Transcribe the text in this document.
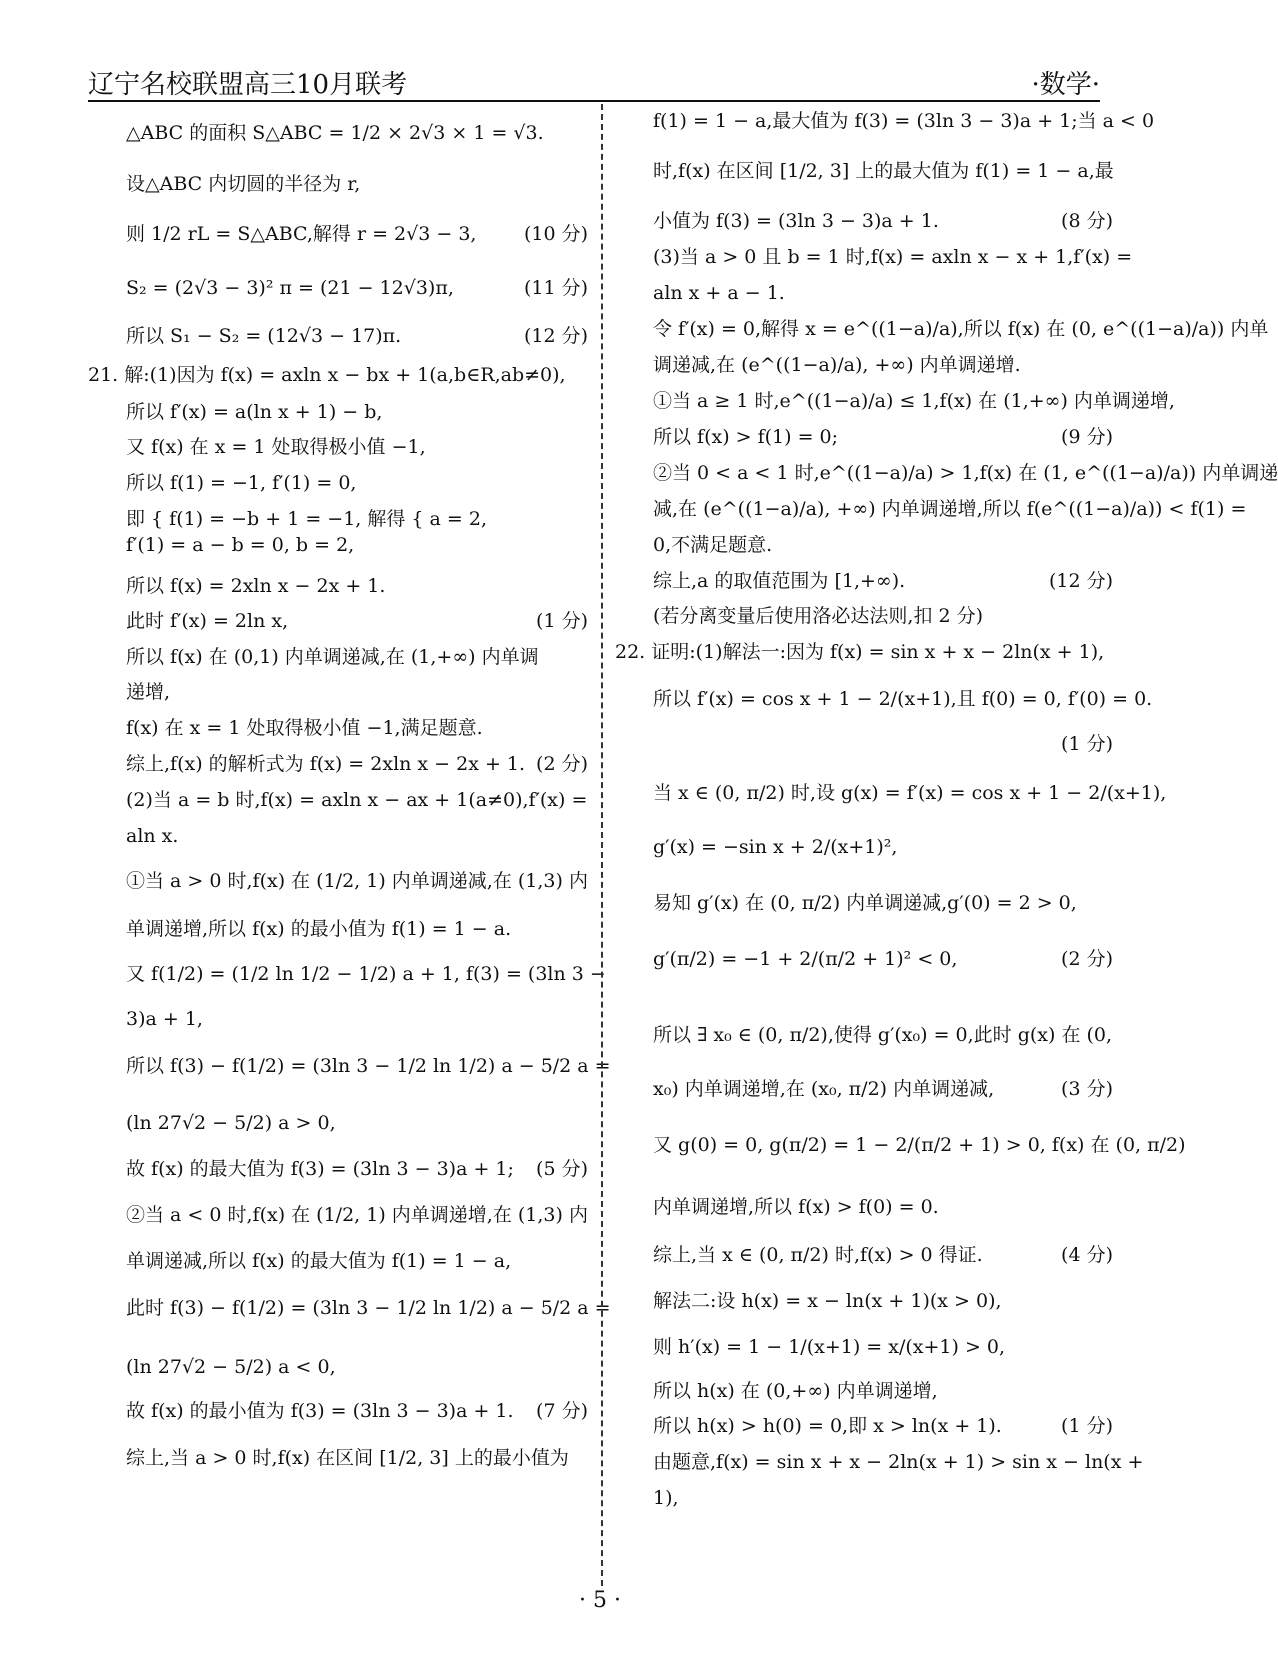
辽宁名校联盟高三10月联考	·数学·
△ABC 的面积 S△ABC = 1/2 × 2√3 × 1 = √3.
设△ABC 内切圆的半径为 r,
则 1/2 rL = S△ABC,解得 r = 2√3 − 3,	(10 分)
S₂ = (2√3 − 3)² π = (21 − 12√3)π,	(11 分)
所以 S₁ − S₂ = (12√3 − 17)π.	(12 分)
21. 解:(1)因为 f(x) = axln x − bx + 1(a,b∈R,ab≠0),
所以 f′(x) = a(ln x + 1) − b,
又 f(x) 在 x = 1 处取得极小值 −1,
所以 f(1) = −1, f′(1) = 0,
即 { f(1) = −b + 1 = −1, 解得 { a = 2,
f′(1) = a − b = 0, b = 2,
所以 f(x) = 2xln x − 2x + 1.
此时 f′(x) = 2ln x,	(1 分)
所以 f(x) 在 (0,1) 内单调递减,在 (1,+∞) 内单调
递增,
f(x) 在 x = 1 处取得极小值 −1,满足题意.
综上,f(x) 的解析式为 f(x) = 2xln x − 2x + 1. (2 分)
(2)当 a = b 时,f(x) = axln x − ax + 1(a≠0),f′(x) =
aln x.
①当 a > 0 时,f(x) 在 (1/2, 1) 内单调递减,在 (1,3) 内
单调递增,所以 f(x) 的最小值为 f(1) = 1 − a.
又 f(1/2) = (1/2 ln 1/2 − 1/2) a + 1, f(3) = (3ln 3 −
3)a + 1,
所以 f(3) − f(1/2) = (3ln 3 − 1/2 ln 1/2) a − 5/2 a =
(ln 27√2 − 5/2) a > 0,
故 f(x) 的最大值为 f(3) = (3ln 3 − 3)a + 1; (5 分)
②当 a < 0 时,f(x) 在 (1/2, 1) 内单调递增,在 (1,3) 内
单调递减,所以 f(x) 的最大值为 f(1) = 1 − a,
此时 f(3) − f(1/2) = (3ln 3 − 1/2 ln 1/2) a − 5/2 a =
(ln 27√2 − 5/2) a < 0,
故 f(x) 的最小值为 f(3) = (3ln 3 − 3)a + 1. (7 分)
综上,当 a > 0 时,f(x) 在区间 [1/2, 3] 上的最小值为
f(1) = 1 − a,最大值为 f(3) = (3ln 3 − 3)a + 1;当 a < 0
时,f(x) 在区间 [1/2, 3] 上的最大值为 f(1) = 1 − a,最
小值为 f(3) = (3ln 3 − 3)a + 1.	(8 分)
(3)当 a > 0 且 b = 1 时,f(x) = axln x − x + 1,f′(x) =
aln x + a − 1.
令 f′(x) = 0,解得 x = e^((1−a)/a),所以 f(x) 在 (0, e^((1−a)/a)) 内单
调递减,在 (e^((1−a)/a), +∞) 内单调递增.
①当 a ≥ 1 时,e^((1−a)/a) ≤ 1,f(x) 在 (1,+∞) 内单调递增,
所以 f(x) > f(1) = 0;	(9 分)
②当 0 < a < 1 时,e^((1−a)/a) > 1,f(x) 在 (1, e^((1−a)/a)) 内单调递
减,在 (e^((1−a)/a), +∞) 内单调递增,所以 f(e^((1−a)/a)) < f(1) =
0,不满足题意.
综上,a 的取值范围为 [1,+∞).	(12 分)
(若分离变量后使用洛必达法则,扣 2 分)
22. 证明:(1)解法一:因为 f(x) = sin x + x − 2ln(x + 1),
所以 f′(x) = cos x + 1 − 2/(x+1),且 f(0) = 0, f′(0) = 0.
(1 分)
当 x ∈ (0, π/2) 时,设 g(x) = f′(x) = cos x + 1 − 2/(x+1),
g′(x) = −sin x + 2/(x+1)²,
易知 g′(x) 在 (0, π/2) 内单调递减,g′(0) = 2 > 0,
g′(π/2) = −1 + 2/(π/2 + 1)² < 0,	(2 分)
所以 ∃ x₀ ∈ (0, π/2),使得 g′(x₀) = 0,此时 g(x) 在 (0,
x₀) 内单调递增,在 (x₀, π/2) 内单调递减,	(3 分)
又 g(0) = 0, g(π/2) = 1 − 2/(π/2 + 1) > 0, f(x) 在 (0, π/2)
内单调递增,所以 f(x) > f(0) = 0.
综上,当 x ∈ (0, π/2) 时,f(x) > 0 得证.	(4 分)
解法二:设 h(x) = x − ln(x + 1)(x > 0),
则 h′(x) = 1 − 1/(x+1) = x/(x+1) > 0,
所以 h(x) 在 (0,+∞) 内单调递增,
所以 h(x) > h(0) = 0,即 x > ln(x + 1).	(1 分)
由题意,f(x) = sin x + x − 2ln(x + 1) > sin x − ln(x +
1),
· 5 ·
